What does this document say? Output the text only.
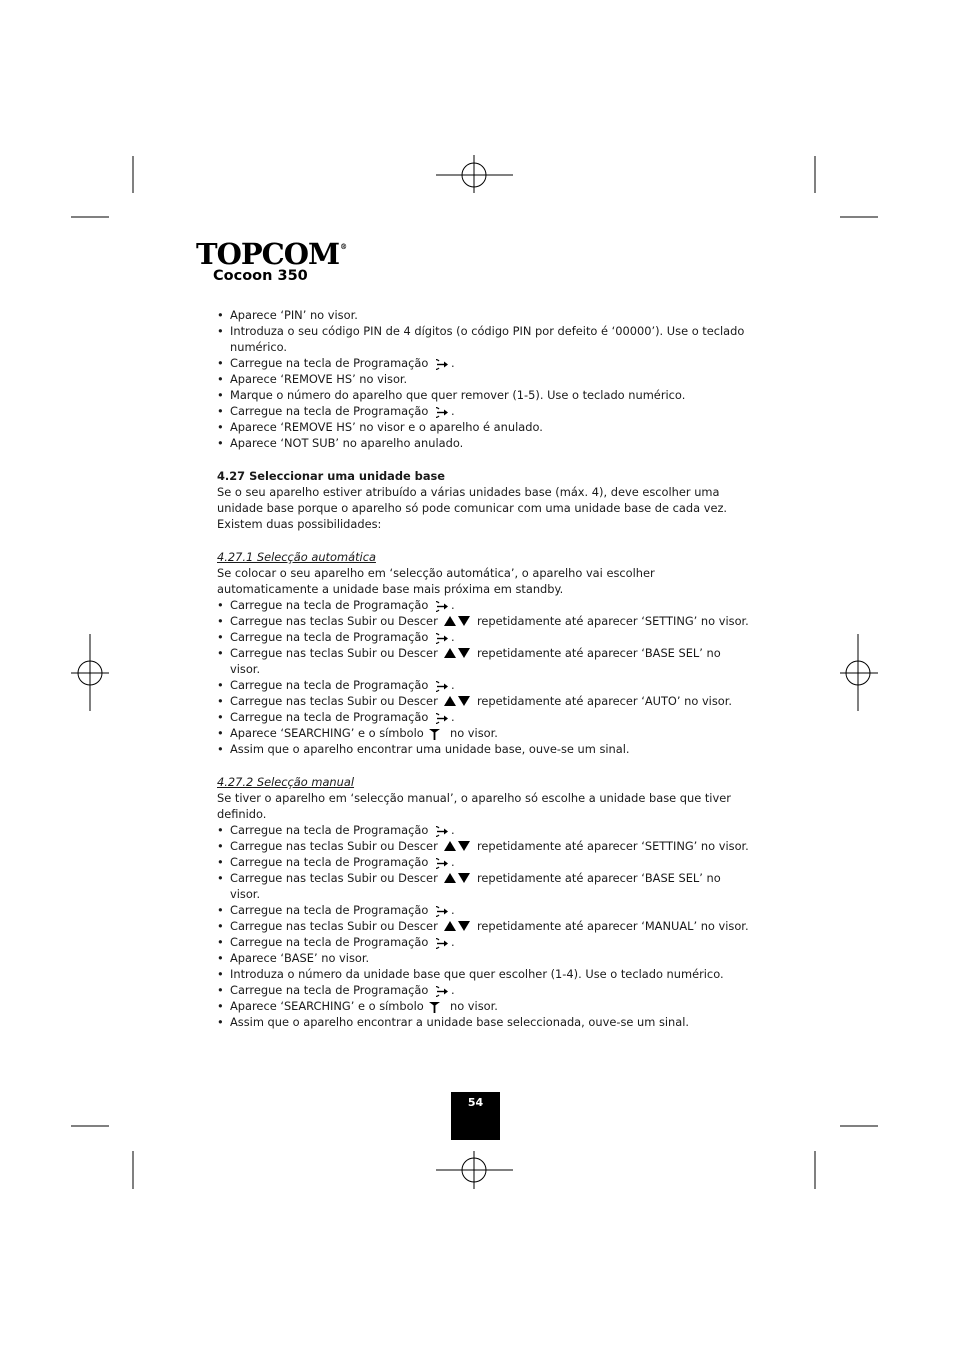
TOPCOM®
Cocoon 350
• Aparece ‘PIN’ no visor.
• Introduza o seu código PIN de 4 dígitos (o código PIN por defeito é ‘00000’). Use o teclado numérico.
• Carregue na tecla de Programação .
• Aparece ‘REMOVE HS’ no visor.
• Marque o número do aparelho que quer remover (1-5). Use o teclado numérico.
• Carregue na tecla de Programação .
• Aparece ‘REMOVE HS’ no visor e o aparelho é anulado.
• Aparece ‘NOT SUB’ no aparelho anulado.
4.27 Seleccionar uma unidade base

Se o seu aparelho estiver atribuído a várias unidades base (máx. 4), deve escolher uma unidade base porque o aparelho só pode comunicar com uma unidade base de cada vez. Existem duas possibilidades:

4.27.1 Selecção automática

Se colocar o seu aparelho em ‘selecção automática’, o aparelho vai escolher automaticamente a unidade base mais próxima em standby.

• Carregue na tecla de Programação .
• Carregue nas teclas Subir ou Descer	repetidamente até aparecer ‘SETTING’ no visor.
• Carregue na tecla de Programação .
• Carregue nas teclas Subir ou Descer	repetidamente até aparecer ‘BASE SEL’ no visor.
• Carregue na tecla de Programação .
• Carregue nas teclas Subir ou Descer	repetidamente até aparecer ‘AUTO’ no visor.
• Carregue na tecla de Programação .
• Aparece ‘SEARCHING’ e o símbolo  no visor.
• Assim que o aparelho encontrar uma unidade base, ouve-se um sinal.
4.27.2 Selecção manual

Se tiver o aparelho em ‘selecção manual’, o aparelho só escolhe a unidade base que tiver definido.

• Carregue na tecla de Programação .
• Carregue nas teclas Subir ou Descer	repetidamente até aparecer ‘SETTING’ no visor.
• Carregue na tecla de Programação .
• Carregue nas teclas Subir ou Descer	repetidamente até aparecer ‘BASE SEL’ no visor.
• Carregue na tecla de Programação .
• Carregue nas teclas Subir ou Descer	repetidamente até aparecer ‘MANUAL’ no visor.
• Carregue na tecla de Programação .
• Aparece ‘BASE’ no visor.
• Introduza o número da unidade base que quer escolher (1-4). Use o teclado numérico.
• Carregue na tecla de Programação .
• Aparece ‘SEARCHING’ e o símbolo  no visor.
• Assim que o aparelho encontrar a unidade base seleccionada, ouve-se um sinal.
54
